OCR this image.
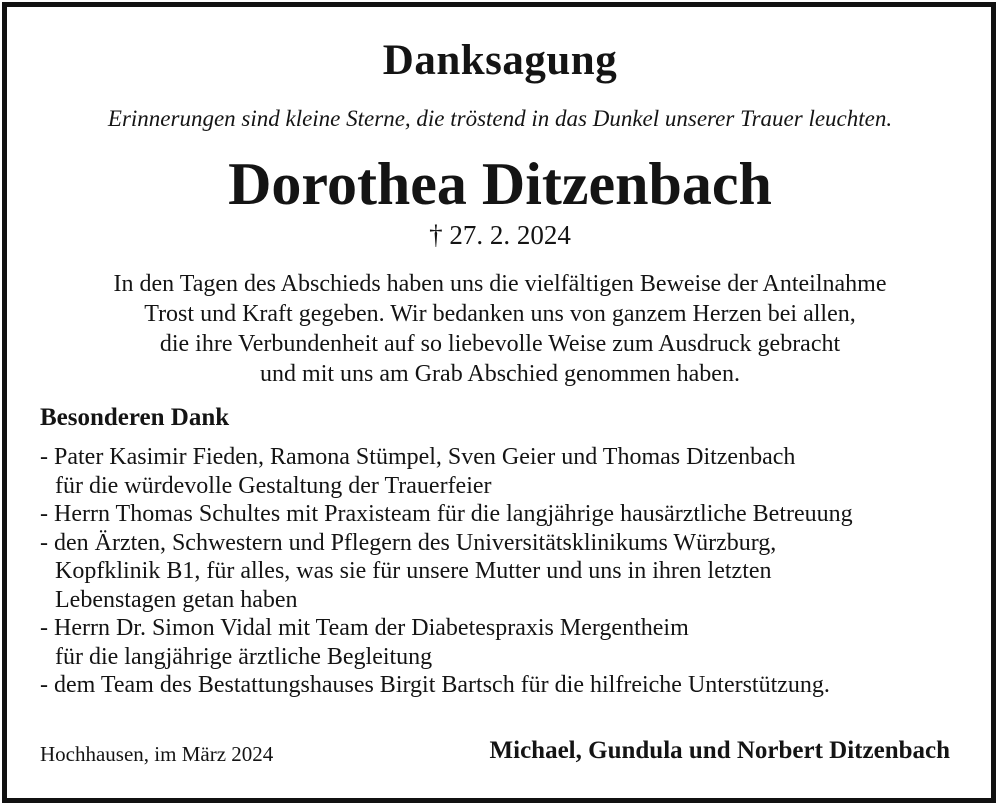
Danksagung
Erinnerungen sind kleine Sterne, die tröstend in das Dunkel unserer Trauer leuchten.
Dorothea Ditzenbach
† 27. 2. 2024
In den Tagen des Abschieds haben uns die vielfältigen Beweise der Anteilnahme
Trost und Kraft gegeben. Wir bedanken uns von ganzem Herzen bei allen,
die ihre Verbundenheit auf so liebevolle Weise zum Ausdruck gebracht
und mit uns am Grab Abschied genommen haben.
Besonderen Dank
- Pater Kasimir Fieden, Ramona Stümpel, Sven Geier und Thomas Ditzenbach
für die würdevolle Gestaltung der Trauerfeier
- Herrn Thomas Schultes mit Praxisteam für die langjährige hausärztliche Betreuung
- den Ärzten, Schwestern und Pflegern des Universitätsklinikums Würzburg,
Kopfklinik B1, für alles, was sie für unsere Mutter und uns in ihren letzten
Lebenstagen getan haben
- Herrn Dr. Simon Vidal mit Team der Diabetespraxis Mergentheim
für die langjährige ärztliche Begleitung
- dem Team des Bestattungshauses Birgit Bartsch für die hilfreiche Unterstützung.
Hochhausen, im März 2024	Michael, Gundula und Norbert Ditzenbach
